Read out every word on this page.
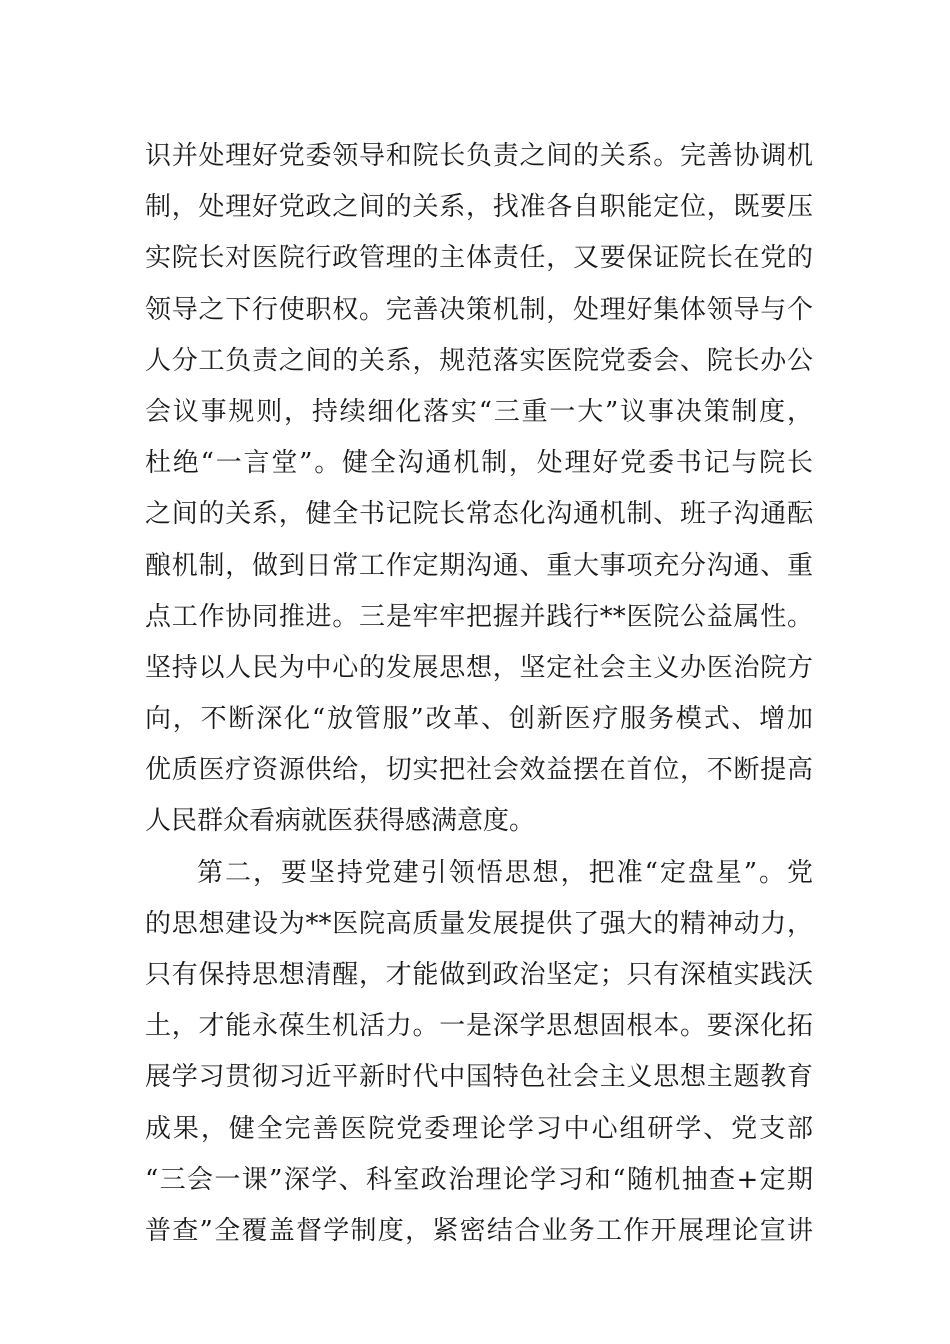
识并处理好党委领导和院长负责之间的关系。完善协调机
制，处理好党政之间的关系，找准各自职能定位，既要压
实院长对医院行政管理的主体责任，又要保证院长在党的
领导之下行使职权。完善决策机制，处理好集体领导与个
人分工负责之间的关系，规范落实医院党委会、院长办公
会议事规则，持续细化落实“三重一大”议事决策制度，
杜绝“一言堂”。健全沟通机制，处理好党委书记与院长
之间的关系，健全书记院长常态化沟通机制、班子沟通酝
酿机制，做到日常工作定期沟通、重大事项充分沟通、重
点工作协同推进。三是牢牢把握并践行**医院公益属性。
坚持以人民为中心的发展思想，坚定社会主义办医治院方
向，不断深化“放管服”改革、创新医疗服务模式、增加
优质医疗资源供给，切实把社会效益摆在首位，不断提高
人民群众看病就医获得感满意度。
第二，要坚持党建引领悟思想，把准“定盘星”。党
的思想建设为**医院高质量发展提供了强大的精神动力，
只有保持思想清醒，才能做到政治坚定；只有深植实践沃
土，才能永葆生机活力。一是深学思想固根本。要深化拓
展学习贯彻习近平新时代中国特色社会主义思想主题教育
成果，健全完善医院党委理论学习中心组研学、党支部
“三会一课”深学、科室政治理论学习和“随机抽查+定期
普查”全覆盖督学制度，紧密结合业务工作开展理论宣讲
